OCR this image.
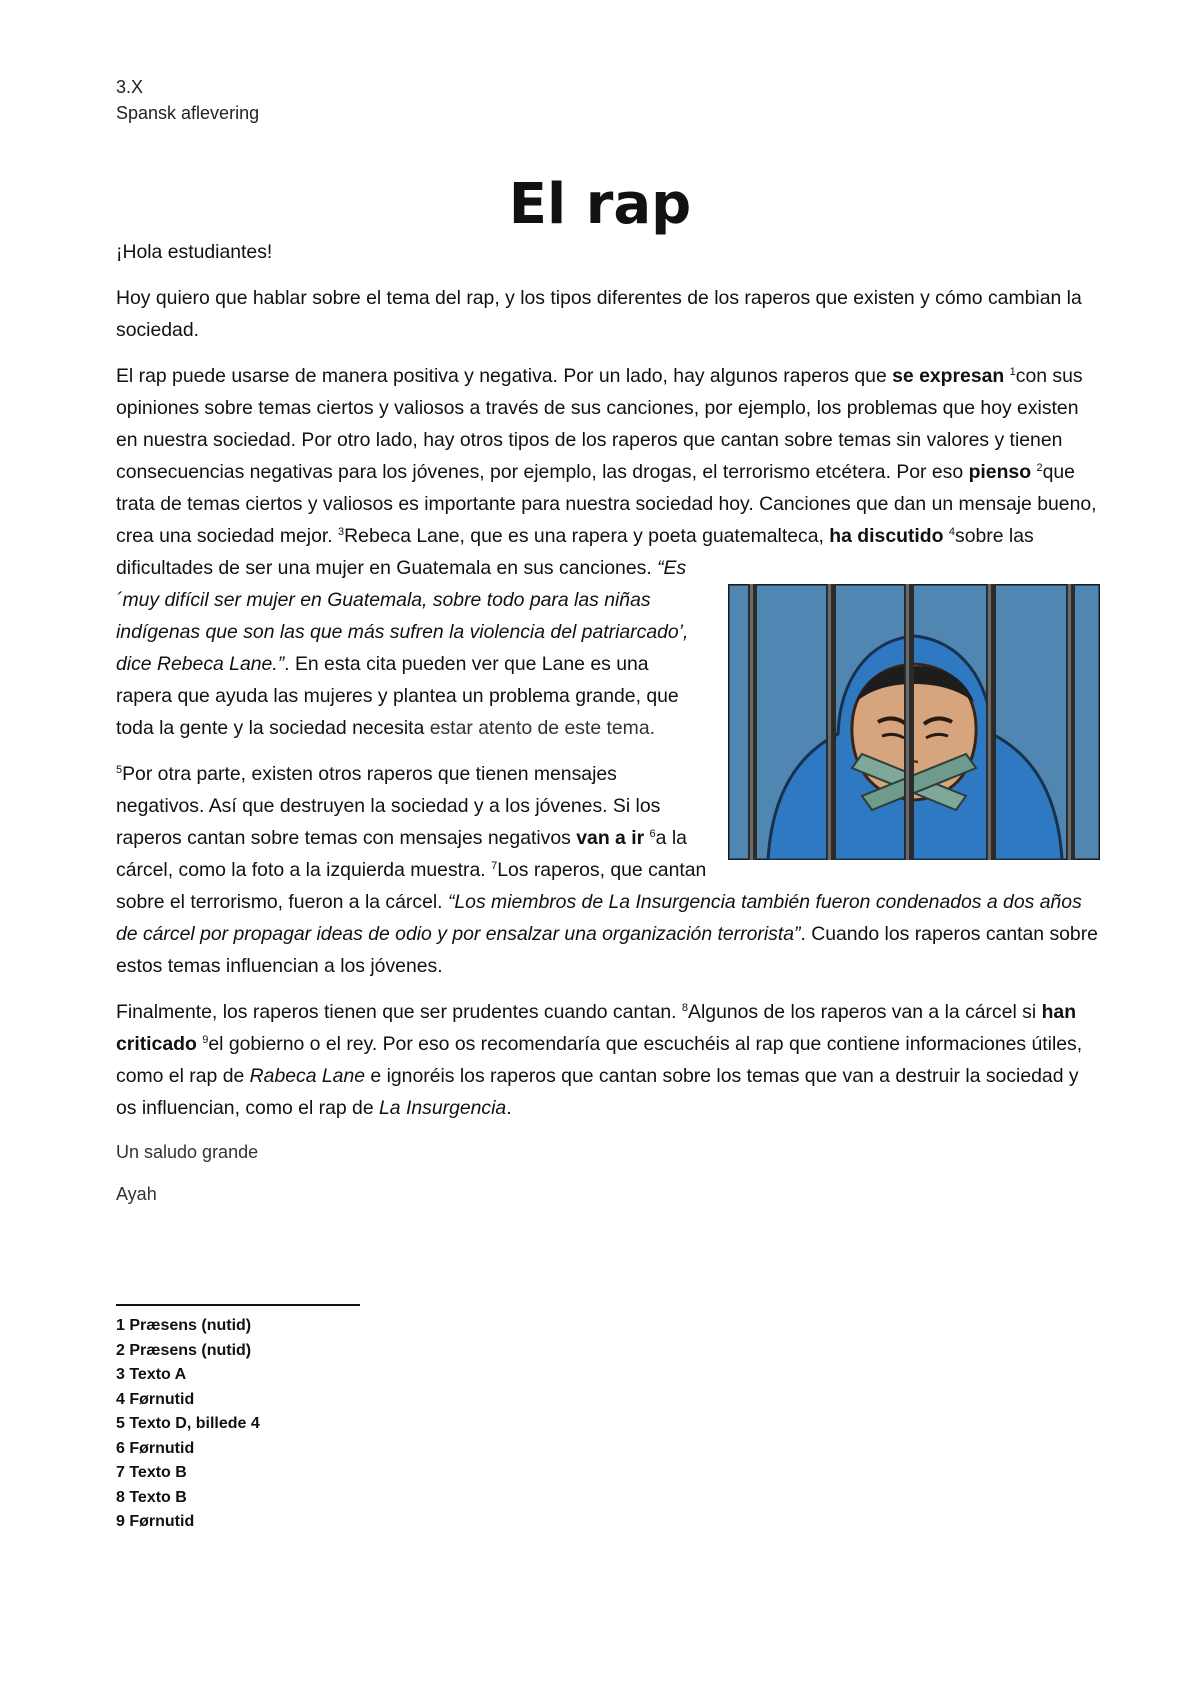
3.X
Spansk aflevering
El rap

¡Hola estudiantes!

Hoy quiero que hablar sobre el tema del rap, y los tipos diferentes de los raperos que existen y cómo cambian la sociedad.

El rap puede usarse de manera positiva y negativa. Por un lado, hay algunos raperos que se expresan $^1$con sus opiniones sobre temas ciertos y valiosos a través de sus canciones, por ejemplo, los problemas que hoy existen en nuestra sociedad. Por otro lado, hay otros tipos de los raperos que cantan sobre temas sin valores y tienen consecuencias negativas para los jóvenes, por ejemplo, las drogas, el terrorismo etcétera. Por eso pienso $^2$que trata de temas ciertos y valiosos es importante para nuestra sociedad hoy. Canciones que dan un mensaje bueno, crea una sociedad mejor. $^3$Rebeca Lane, que es una rapera y poeta guatemalteca, ha discutido $^4$sobre las dificultades de ser una mujer en Guatemala en sus canciones.
“Es ´muy difícil ser mujer en Guatemala, sobre todo para las niñas indígenas que son las que más sufren la violencia del patriarcado’, dice Rebeca Lane.”. En esta cita pueden ver que Lane es una rapera que ayuda las mujeres y plantea un problema grande, que toda la gente y la sociedad necesita estar atento de este tema.

$^5$Por otra parte, existen otros raperos que tienen mensajes negativos. Así que destruyen la sociedad y a los jóvenes. Si los raperos cantan sobre temas con mensajes negativos van a ir $^6$a la cárcel, como la foto a la izquierda muestra. $^7$Los raperos, que cantan sobre el terrorismo, fueron a la cárcel. “Los miembros de La Insurgencia también fueron condenados a dos años de cárcel por propagar ideas de odio y por ensalzar una organización terrorista”. Cuando los raperos cantan sobre estos temas influencian a los jóvenes.

Finalmente, los raperos tienen que ser prudentes cuando cantan. $^8$Algunos de los raperos van a la cárcel si han criticado $^9$el gobierno o el rey. Por eso os recomendaría que escuchéis al rap que contiene informaciones útiles, como el rap de Rabeca Lane e ignoréis los raperos que cantan sobre los temas que van a destruir la sociedad y os influencian, como el rap de La Insurgencia.

Un saludo grande

Ayah

1 Præsens (nutid)
2 Præsens (nutid)
3 Texto A
4 Førnutid
5 Texto D, billede 4
6 Førnutid
7 Texto B
8 Texto B
9 Førnutid
